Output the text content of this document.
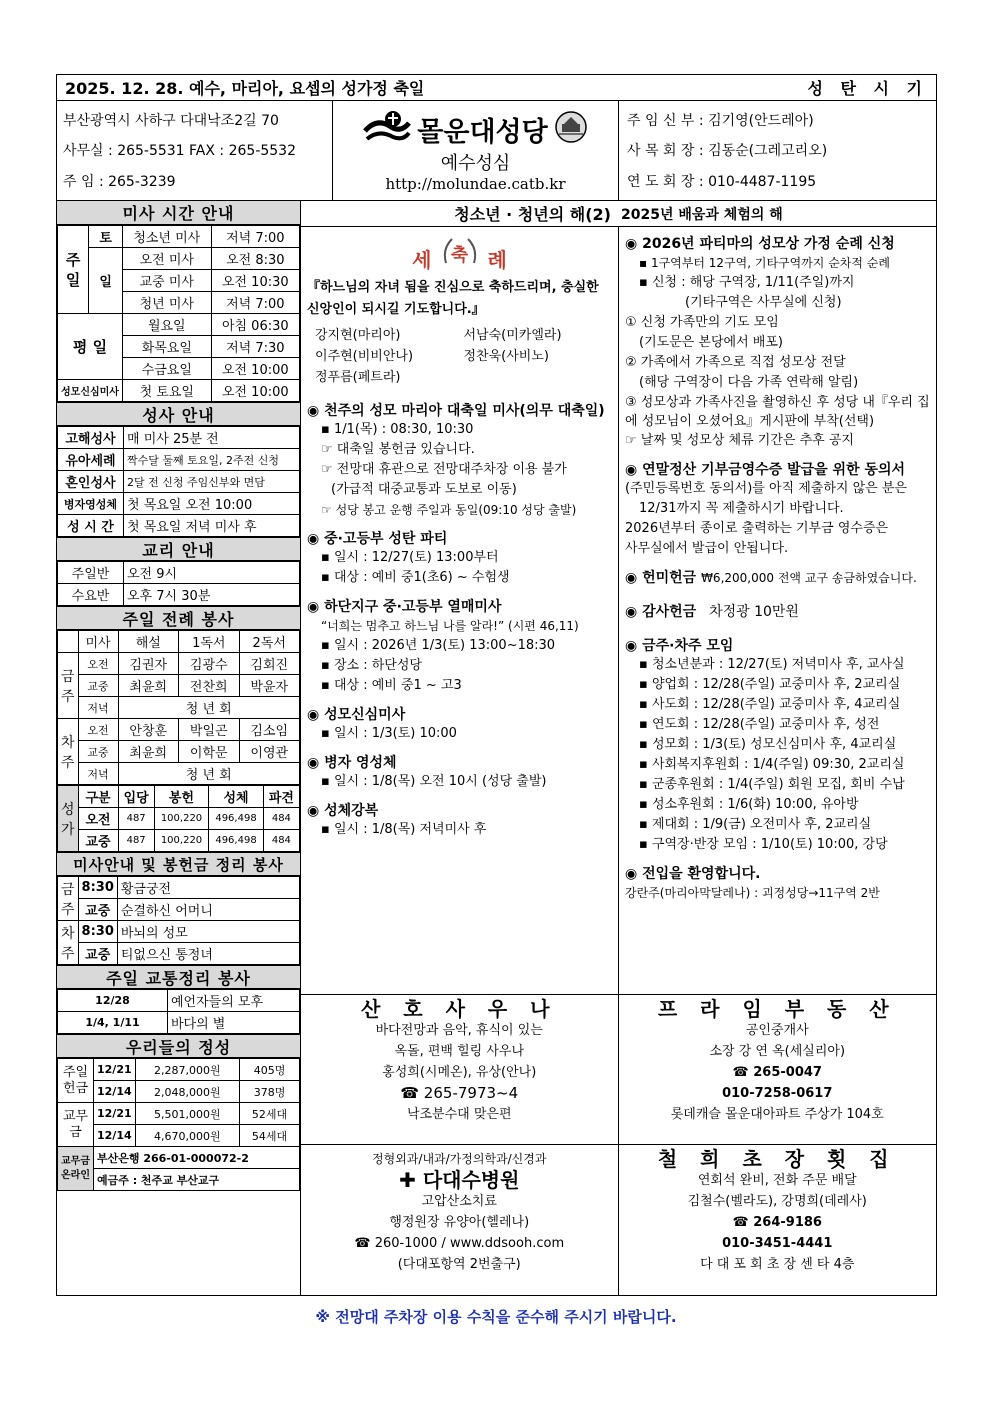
2025. 12. 28. 예수, 마리아, 요셉의 성가정 축일	성 탄 시 기
부산광역시 사하구 다대낙조2길 70
사무실 : 265-5531 FAX : 265-5532
주 임 : 265-3239
몰운대성당
예수성심
http://molundae.catb.kr
주 임 신 부 : 김기영(안드레아)
사 목 회 장 : 김동순(그레고리오)
연 도 회 장 : 010-4487-1195
미사 시간 안내
주 일	토	청소년 미사	저녁 7:00
	일	오전 미사	오전 8:30
		교중 미사	오전 10:30
		청년 미사	저녁 7:00
평 일		월요일	아침 06:30
		화목요일	저녁 7:30
		수금요일	오전 10:00
성모신심미사		첫 토요일	오전 10:00
성사 안내
고해성사	매 미사 25분 전
유아세례	짝수달 둘째 토요일, 2주전 신청
혼인성사	2달 전 신청 주임신부와 면담
병자영성체	첫 목요일 오전 10:00
성 시 간	첫 목요일 저녁 미사 후
교리 안내
주일반	오전 9시
수요반	오후 7시 30분
주일 전례 봉사
	미사	해설	1독서	2독서
금주	오전	김권자	김광수	김회진
	교중	최윤희	전찬희	박윤자
	저녁	청 년 회		
차주	오전	안창훈	박일곤	김소임
	교중	최윤희	이학문	이영관
	저녁	청 년 회		
성가	구분	입당	봉헌	성체	파견
	오전	487	100,220	496,498	484
	교중	487	100,220	496,498	484
미사안내 및 봉헌금 정리 봉사
금주	8:30	황금궁전
	교중	순결하신 어머니
차주	8:30	바뇌의 성모
	교중	티없으신 통정녀
주일 교통정리 봉사
12/28	예언자들의 모후
1/4, 1/11	바다의 별
우리들의 정성
주일 헌금	12/21	2,287,000원	405명
	12/14	2,048,000원	378명
교무금	12/21	5,501,000원	52세대
	12/14	4,670,000원	54세대
교무금 온라인	부산은행 266-01-000072-2		
	예금주 : 천주교 부산교구		
청소년 · 청년의 해(2) 2025년 배움과 체험의 해
세	축 례
『하느님의 자녀 됨을 진심으로 축하드리며, 충실한 신앙인이 되시길 기도합니다.』
강지현(마리아)	서남숙(미카엘라)
이주현(비비안나)	정찬욱(사비노)
정푸름(페트라)
◉ 천주의 성모 마리아 대축일 미사(의무 대축일)
▪ 1/1(목) : 08:30, 10:30
☞ 대축일 봉헌금 있습니다.
☞ 전망대 휴관으로 전망대주차장 이용 불가
(가급적 대중교통과 도보로 이동)
☞ 성당 봉고 운행 주일과 동일(09:10 성당 출발)
◉ 중·고등부 성탄 파티
▪ 일시 : 12/27(토) 13:00부터
▪ 대상 : 예비 중1(초6) ~ 수험생
◉ 하단지구 중·고등부 열매미사
“너희는 멈추고 하느님 나를 알라!” (시편 46,11)
▪ 일시 : 2026년 1/3(토) 13:00~18:30
▪ 장소 : 하단성당
▪ 대상 : 예비 중1 ~ 고3
◉ 성모신심미사
▪ 일시 : 1/3(토) 10:00
◉ 병자 영성체
▪ 일시 : 1/8(목) 오전 10시 (성당 출발)
◉ 성체강복
▪ 일시 : 1/8(목) 저녁미사 후
◉ 2026년 파티마의 성모상 가정 순례 신청
▪ 1구역부터 12구역, 기타구역까지 순차적 순례
▪ 신청 : 해당 구역장, 1/11(주일)까지
(기타구역은 사무실에 신청)
① 신청 가족만의 기도 모임
(기도문은 본당에서 배포)
② 가족에서 가족으로 직접 성모상 전달
(해당 구역장이 다음 가족 연락해 알림)
③ 성모상과 가족사진을 촬영하신 후 성당 내『우리 집에 성모님이 오셨어요』게시판에 부착(선택)
☞ 날짜 및 성모상 체류 기간은 추후 공지
◉ 연말정산 기부금영수증 발급을 위한 동의서
(주민등록번호 동의서)를 아직 제출하지 않은 분은
12/31까지 꼭 제출하시기 바랍니다.
2026년부터 종이로 출력하는 기부금 영수증은
사무실에서 발급이 안됩니다.
◉ 헌미헌금 ₩6,200,000 전액 교구 송금하였습니다.
◉ 감사헌금 차정광 10만원
◉ 금주·차주 모임
▪ 청소년분과 : 12/27(토) 저녁미사 후, 교사실
▪ 양업회 : 12/28(주일) 교중미사 후, 2교리실
▪ 사도회 : 12/28(주일) 교중미사 후, 4교리실
▪ 연도회 : 12/28(주일) 교중미사 후, 성전
▪ 성모회 : 1/3(토) 성모신심미사 후, 4교리실
▪ 사회복지후원회 : 1/4(주일) 09:30, 2교리실
▪ 군종후원회 : 1/4(주일) 회원 모집, 회비 수납
▪ 성소후원회 : 1/6(화) 10:00, 유아방
▪ 제대회 : 1/9(금) 오전미사 후, 2교리실
▪ 구역장·반장 모임 : 1/10(토) 10:00, 강당
◉ 전입을 환영합니다.
강란주(마리아막달레나) : 괴정성당→11구역 2반
산 호 사 우 나
바다전망과 음악, 휴식이 있는
옥돌, 편백 힐링 사우나
홍성희(시메온), 유상(안나)
☎ 265-7973~4
낙조분수대 맞은편
프 라 임 부 동 산
공인중개사
소장 강 연 옥(세실리아)
☎ 265-0047
010-7258-0617
롯데캐슬 몰운대아파트 주상가 104호
정형외과/내과/가정의학과/신경과
✚ 다대수병원
고압산소치료
행정원장 유양아(헬레나)
☎ 260-1000 / www.ddsooh.com
(다대포항역 2번출구)
철 희 초 장 횟 집
연회석 완비, 전화 주문 배달
김철수(벨라도), 강명희(데레사)
☎ 264-9186
010-3451-4441
다 대 포 회 초 장 센 타 4층
※ 전망대 주차장 이용 수칙을 준수해 주시기 바랍니다.
